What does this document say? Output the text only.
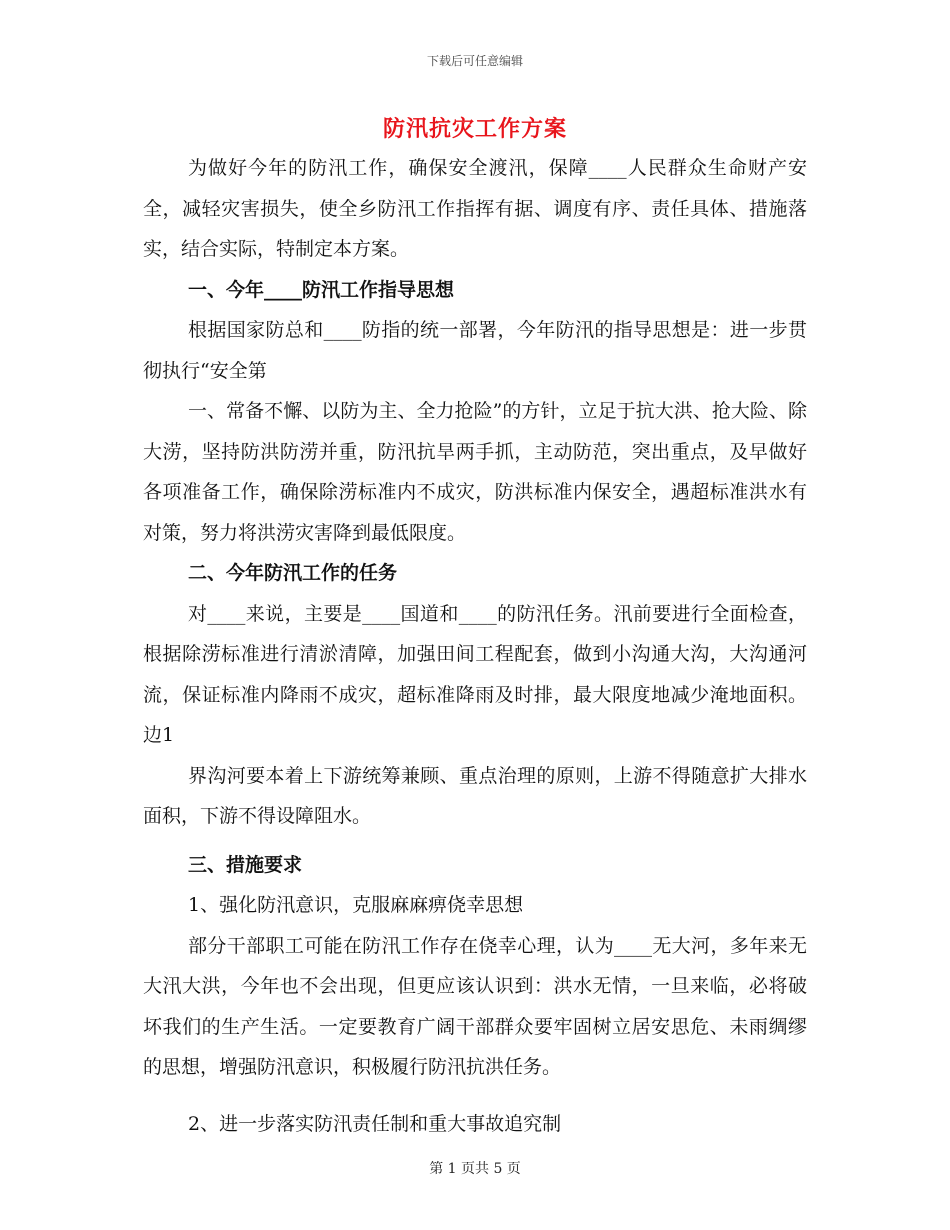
下载后可任意编辑
防汛抗灾工作方案

为做好今年的防汛工作，确保安全渡汛，保障____人民群众生命财产安全，减轻灾害损失，使全乡防汛工作指挥有据、调度有序、责任具体、措施落实，结合实际，特制定本方案。

一、今年____防汛工作指导思想

根据国家防总和____防指的统一部署，今年防汛的指导思想是：进一步贯彻执行“安全第

一、常备不懈、以防为主、全力抢险”的方针，立足于抗大洪、抢大险、除大涝，坚持防洪防涝并重，防汛抗旱两手抓，主动防范，突出重点，及早做好各项准备工作，确保除涝标准内不成灾，防洪标准内保安全，遇超标准洪水有对策，努力将洪涝灾害降到最低限度。

二、今年防汛工作的任务

对____来说，主要是____国道和____的防汛任务。汛前要进行全面检查，根据除涝标准进行清淤清障，加强田间工程配套，做到小沟通大沟，大沟通河流，保证标准内降雨不成灾，超标准降雨及时排，最大限度地减少淹地面积。边1

界沟河要本着上下游统筹兼顾、重点治理的原则，上游不得随意扩大排水面积，下游不得设障阻水。

三、措施要求

1、强化防汛意识，克服麻麻痹侥幸思想

部分干部职工可能在防汛工作存在侥幸心理，认为____无大河，多年来无大汛大洪，今年也不会出现，但更应该认识到：洪水无情，一旦来临，必将破坏我们的生产生活。一定要教育广阔干部群众要牢固树立居安思危、未雨绸缪的思想，增强防汛意识，积极履行防汛抗洪任务。

2、进一步落实防汛责任制和重大事故追究制

第 1 页共 5 页
